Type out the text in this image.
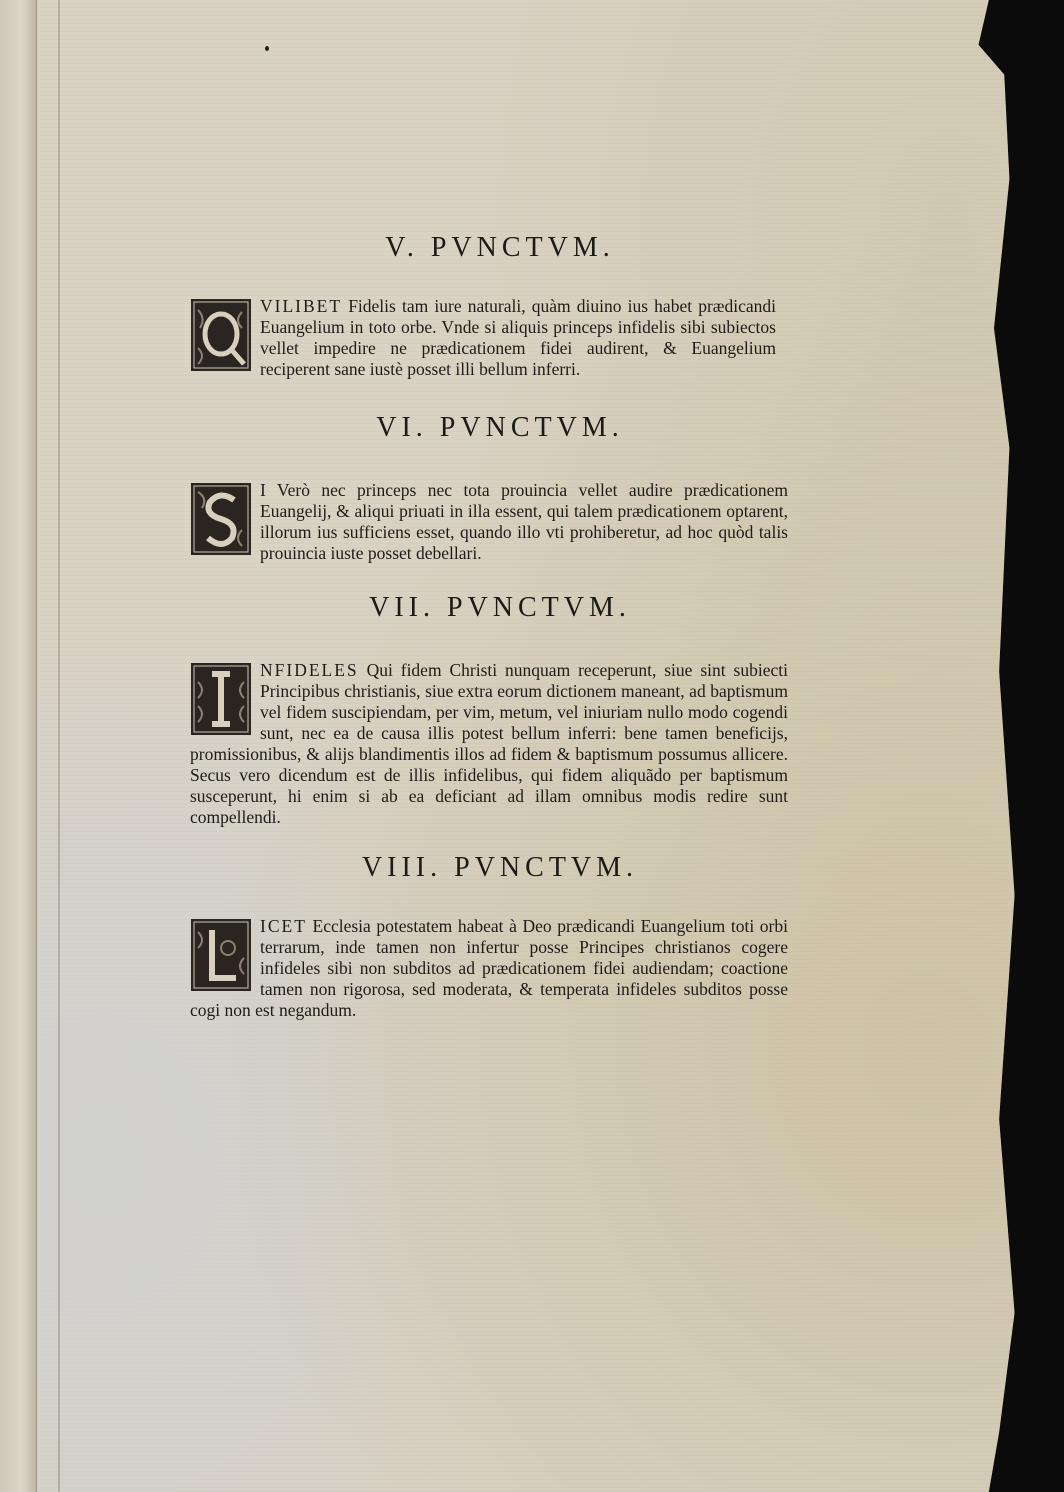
V. PVNCTVM.
VILIBET Fidelis tam iure naturali, quàm diuino ius habet prædicandi Euangelium in toto orbe. Vnde si aliquis princeps infidelis sibi subiectos vellet impedire ne prædicationem fidei audirent, & Euangelium reciperent sane iustè posset illi bellum inferri.
VI. PVNCTVM.
I Verò nec princeps nec tota prouincia vellet audire prædicationem Euangelij, & aliqui priuati in illa essent, qui talem prædicationem optarent, illorum ius sufficiens esset, quando illo vti prohiberetur, ad hoc quòd talis prouincia iuste posset debellari.
VII. PVNCTVM.
NFIDELES Qui fidem Christi nunquam receperunt, siue sint subiecti Principibus christianis, siue extra eorum dictionem maneant, ad baptismum vel fidem suscipiendam, per vim, metum, vel iniuriam nullo modo cogendi sunt, nec ea de causa illis potest bellum inferri: bene tamen beneficijs, promissionibus, & alijs blandimentis illos ad fidem & baptismum possumus allicere. Secus vero dicendum est de illis infidelibus, qui fidem aliquãdo per baptismum susceperunt, hi enim si ab ea deficiant ad illam omnibus modis redire sunt compellendi.
VIII. PVNCTVM.
ICET Ecclesia potestatem habeat à Deo prædicandi Euangelium toti orbi terrarum, inde tamen non infertur posse Principes christianos cogere infideles sibi non subditos ad prædicationem fidei audiendam; coactione tamen non rigorosa, sed moderata, & temperata infideles subditos posse cogi non est negandum.
